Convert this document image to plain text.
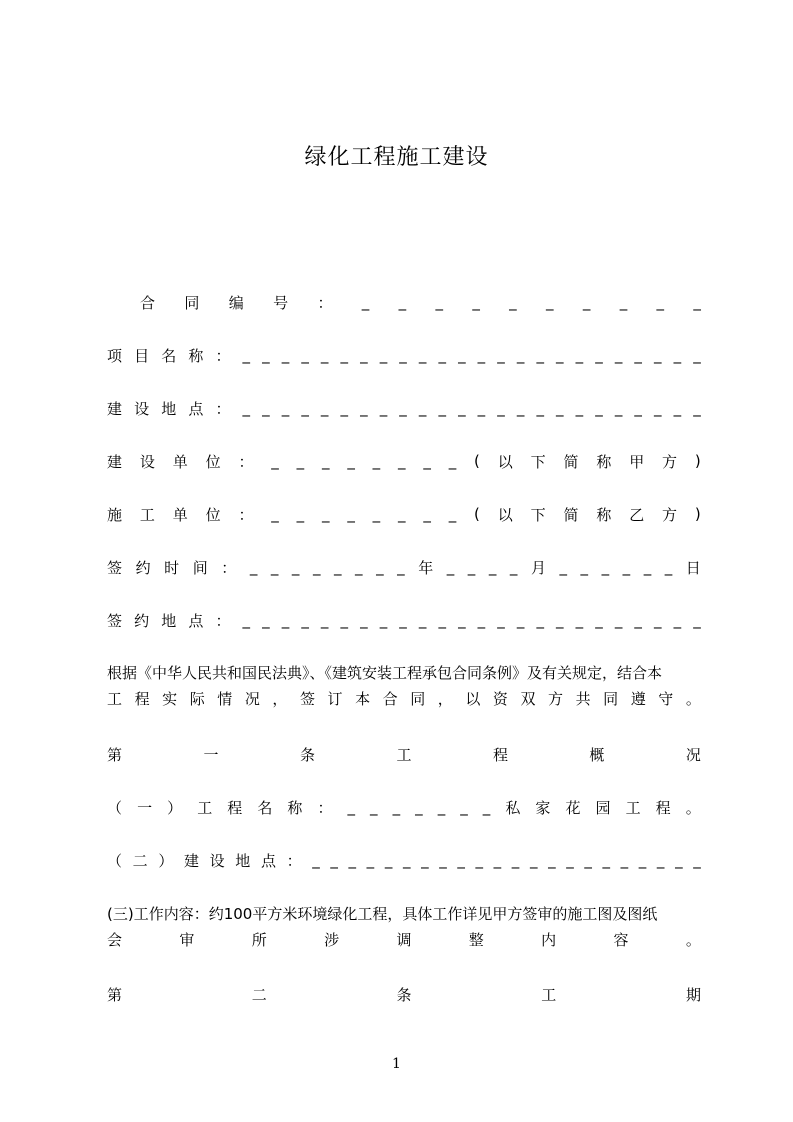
绿化工程施工建设
合 同 编 号 ： _ _ _ _ _ _ _ _ _ _
项 目 名 称 ： _ _ _ _ _ _ _ _ _ _ _ _ _ _ _ _ _ _ _ _ _ _ _ _
建 设 地 点 ： _ _ _ _ _ _ _ _ _ _ _ _ _ _ _ _ _ _ _ _ _ _ _ _
建 设 单 位 ： _ _ _ _ _ _ _ _ ( 以 下 简 称 甲 方 )
施 工 单 位 ： _ _ _ _ _ _ _ _ ( 以 下 简 称 乙 方 )
签 约 时 间 ： _ _ _ _ _ _ _ _ 年 _ _ _ _ 月 _ _ _ _ _ _ 日
签 约 地 点 ： _ _ _ _ _ _ _ _ _ _ _ _ _ _ _ _ _ _ _ _ _ _ _ _
根据《中华人民共和国民法典》、《建筑安装工程承包合同条例》及有关规定，结合本
工 程 实 际 情 况 ， 签 订 本 合 同 ， 以 资 双 方 共 同 遵 守 。
第	一	条	工	程	概	况
（ 一 ） 工 程 名 称 ： _ _ _ _ _ _ _ 私 家 花 园 工 程 。
（ 二 ） 建 设 地 点 ： _ _ _ _ _ _ _ _ _ _ _ _ _ _ _ _ _ _ _ _ _ _
(三)工作内容：约100平方米环境绿化工程，具体工作详见甲方签审的施工图及图纸
会	审	所	涉	调	整	内	容	。
第	二	条	工	期
1
